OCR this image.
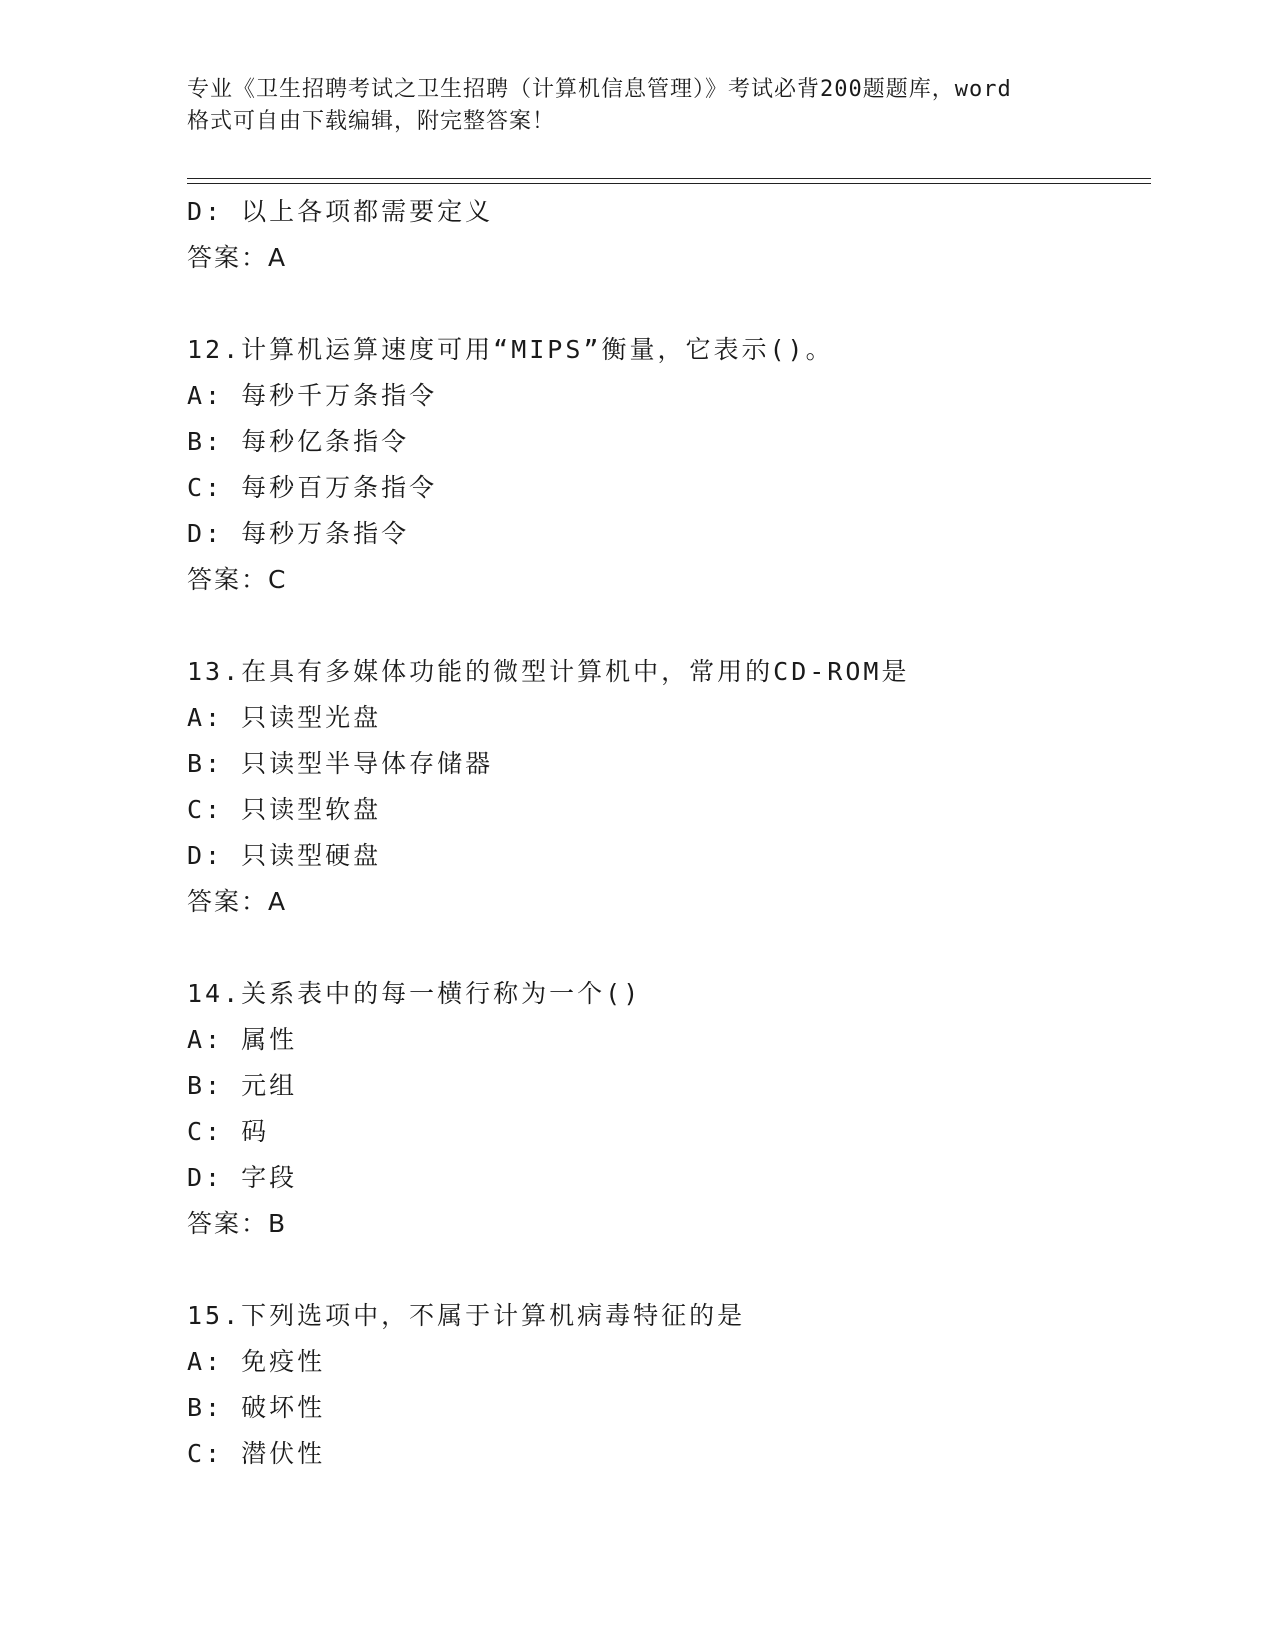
专业《卫生招聘考试之卫生招聘（计算机信息管理）》考试必背200题题库，word
格式可自由下载编辑，附完整答案！
D: 以上各项都需要定义
答案：A
12.计算机运算速度可用“MIPS”衡量，它表示()。
A: 每秒千万条指令
B: 每秒亿条指令
C: 每秒百万条指令
D: 每秒万条指令
答案：C
13.在具有多媒体功能的微型计算机中，常用的CD-ROM是
A: 只读型光盘
B: 只读型半导体存储器
C: 只读型软盘
D: 只读型硬盘
答案：A
14.关系表中的每一横行称为一个()
A: 属性
B: 元组
C: 码
D: 字段
答案：B
15.下列选项中，不属于计算机病毒特征的是
A: 免疫性
B: 破坏性
C: 潜伏性
